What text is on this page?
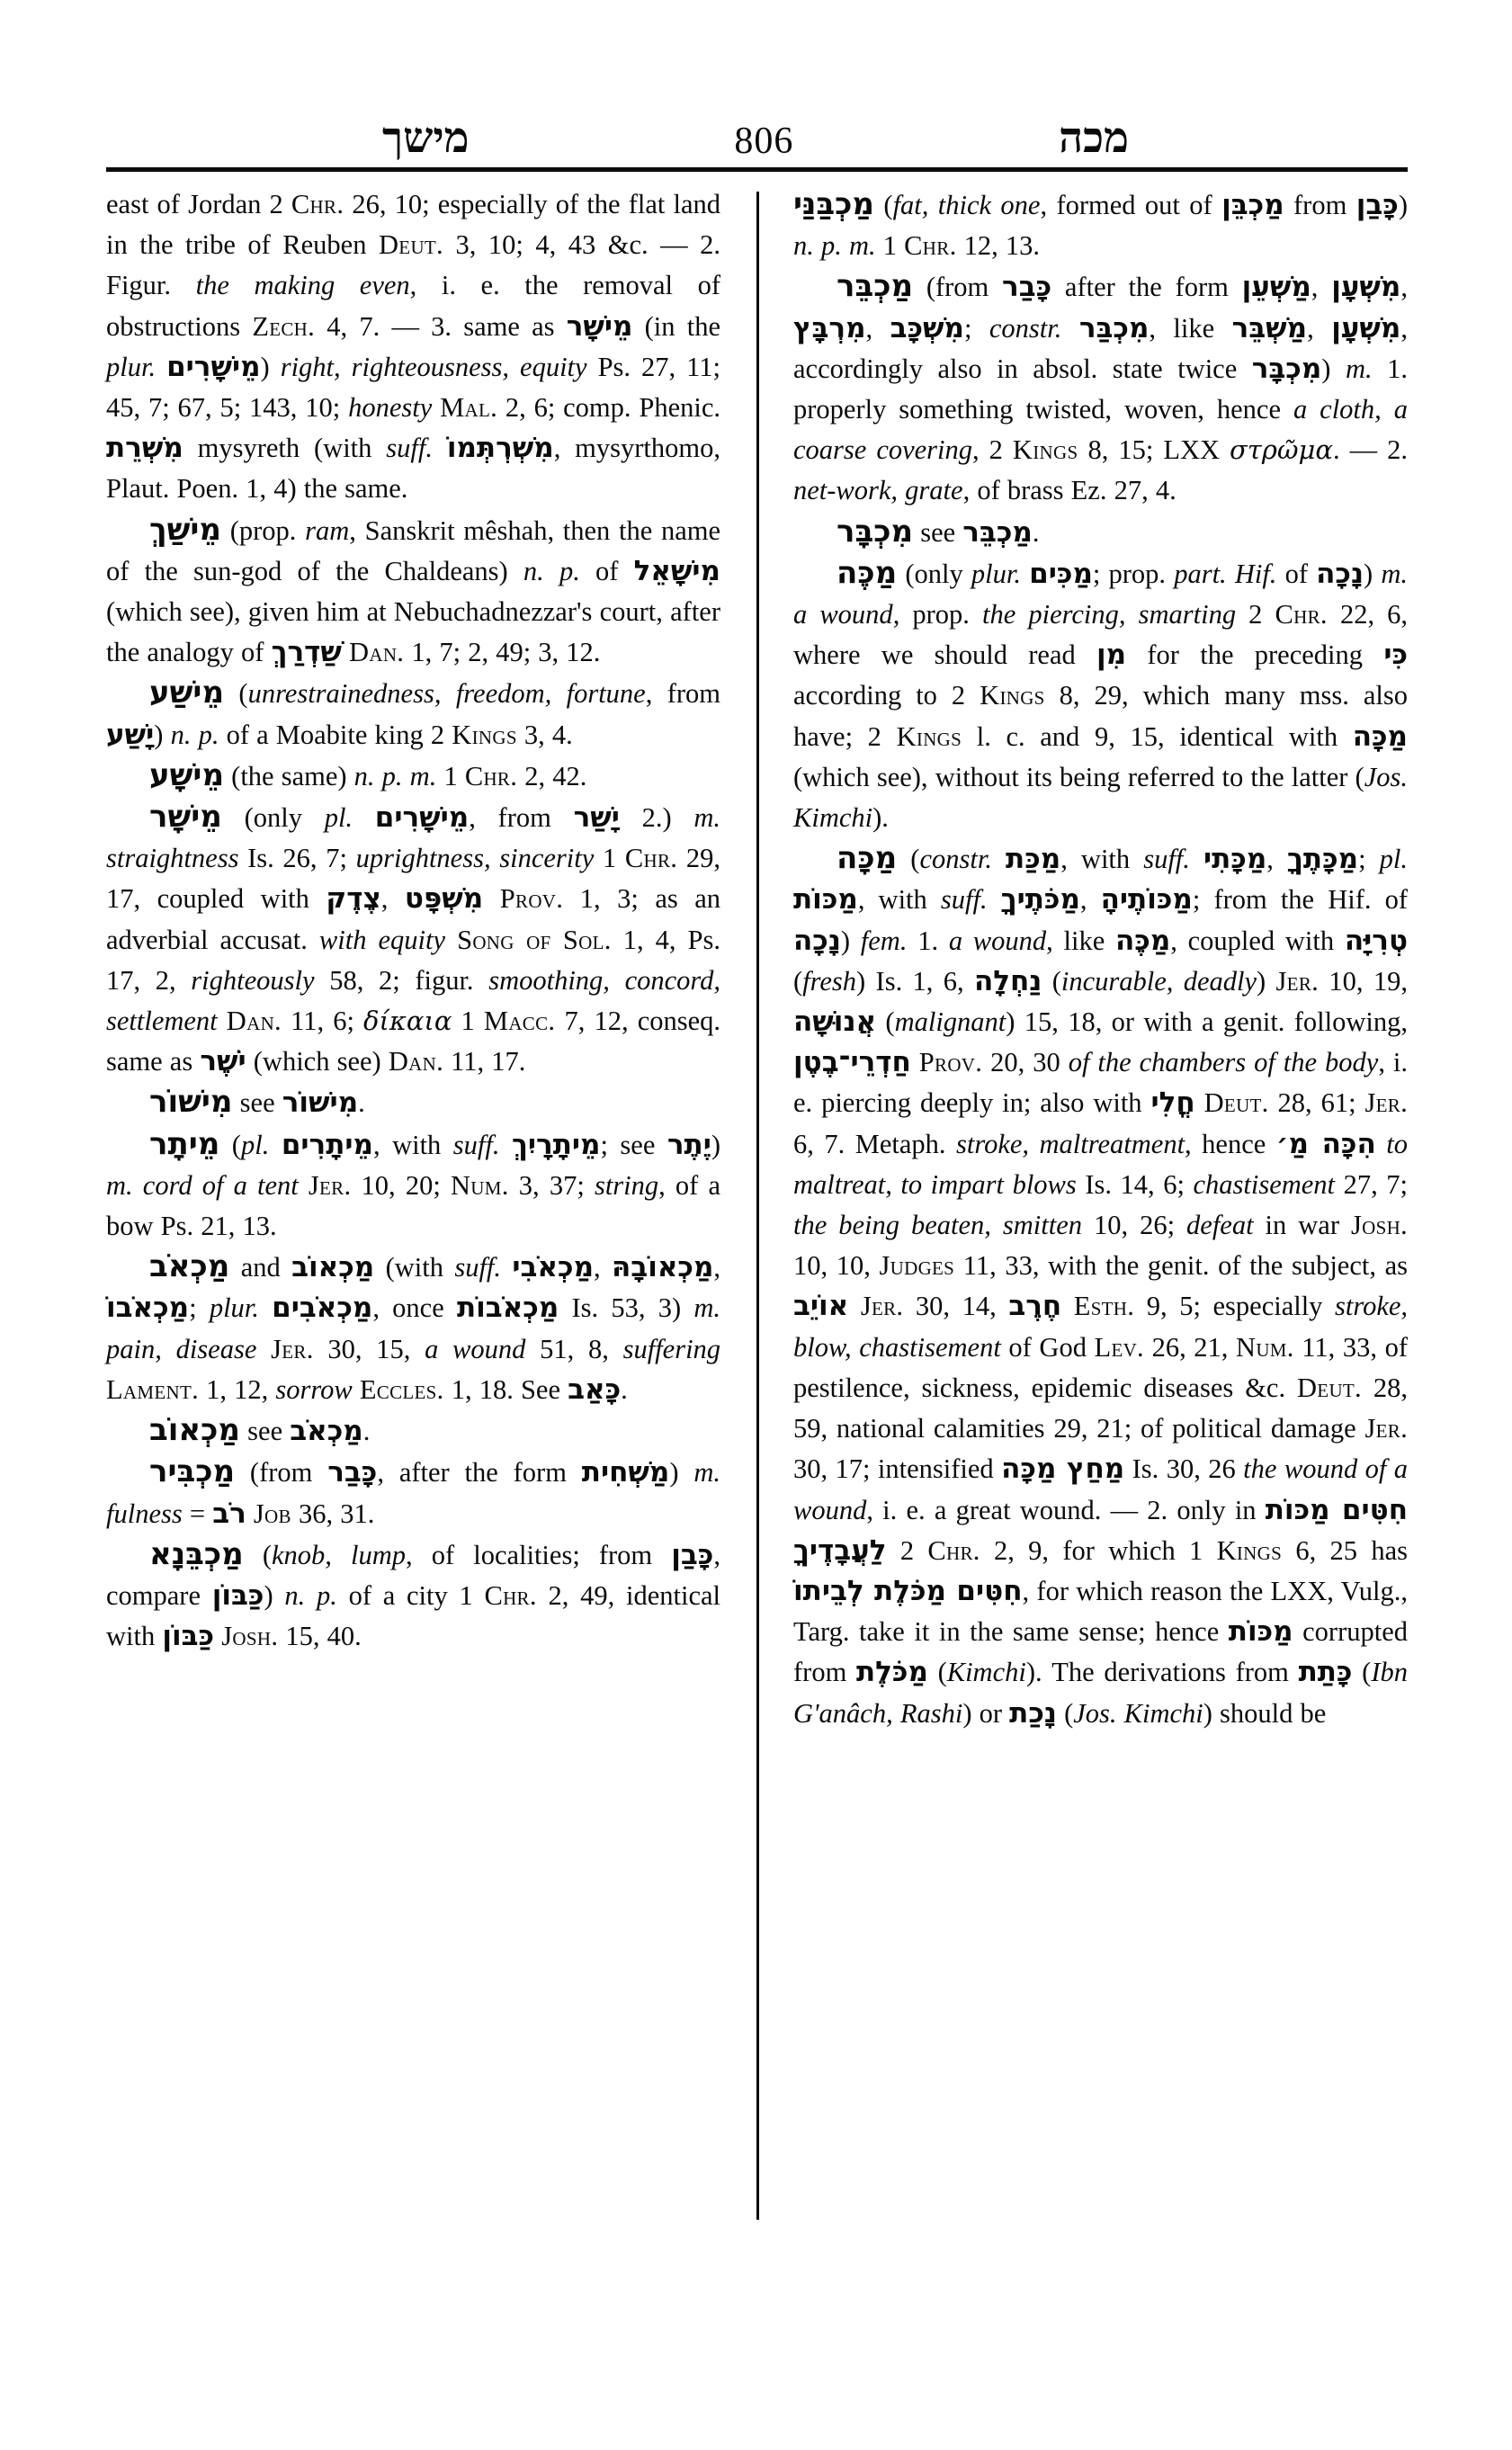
מישך	806	מכה

east of Jordan 2 Chr. 26, 10; especially of the flat land in the tribe of Reuben Deut. 3, 10; 4, 43 &c. — 2. Figur. the making even, i. e. the removal of obstructions Zech. 4, 7. — 3. same as מֵישָׁר (in the plur. מֵישָׁרִים) right, righteousness, equity Ps. 27, 11; 45, 7; 67, 5; 143, 10; honesty Mal. 2, 6; comp. Phenic. מִשְׁרֵת mysyreth (with suff. מִשְׁרְתְּמוֹ, mysyrthomo, Plaut. Poen. 1, 4) the same.

מֵישַׁךְ (prop. ram, Sanskrit mêshah, then the name of the sun-god of the Chaldeans) n. p. of מִישָׁאֵל (which see), given him at Nebuchadnezzar's court, after the analogy of שַׁדְרַךְ Dan. 1, 7; 2, 49; 3, 12.

מֵישַׁע (unrestrainedness, freedom, fortune, from יָשַׁע) n. p. of a Moabite king 2 Kings 3, 4.

מֵישָׁע (the same) n. p. m. 1 Chr. 2, 42.

מֵישָׁר (only pl. מֵישָׁרִים, from יָשַׁר 2.) m. straightness Is. 26, 7; uprightness, sincerity 1 Chr. 29, 17, coupled with צֶדֶק, מִשְׁפָּט Prov. 1, 3; as an adverbial accusat. with equity Song of Sol. 1, 4, Ps. 17, 2, righteously 58, 2; figur. smoothing, concord, settlement Dan. 11, 6; δίκαια 1 Macc. 7, 12, conseq. same as יֹשֶׁר (which see) Dan. 11, 17.

מִישׁוֹר see מִישׁוֹר.

מֵיתָר (pl. מֵיתָרִים, with suff. מֵיתָרָיִךְ; see יֶתֶר) m. cord of a tent Jer. 10, 20; Num. 3, 37; string, of a bow Ps. 21, 13.

מַכְאֹב and מַכְאוֹב (with suff. מַכְאֹבִי, מַכְאוֹבָהּ, מַכְאֹבוֹ; plur. מַכְאֹבִים, once מַכְאֹבוֹת Is. 53, 3) m. pain, disease Jer. 30, 15, a wound 51, 8, suffering Lament. 1, 12, sorrow Eccles. 1, 18. See כָּאַב.

מַכְאוֹב see מַכְאֹב.

מַכְבִּיר (from כָּבַר, after the form מַשְׁחִית) m. fulness = רֹב Job 36, 31.

מַכְבֵּנָא (knob, lump, of localities; from כָּבַן, compare כַּבּוֹן) n. p. of a city 1 Chr. 2, 49, identical with כַּבּוֹן Josh. 15, 40.

מַכְבַּנַּי (fat, thick one, formed out of מַכְבֵּן from כָּבַן) n. p. m. 1 Chr. 12, 13.

מַכְבֵּר (from כָּבַר after the form מַשְׁעֵן, מִשְׁעָן, מִרְבָּץ, מִשְׁכָּב; constr. מִכְבַּר, like מַשְׁבֵּר, מִשְׁעָן, accordingly also in absol. state twice מִכְבָּר) m. 1. properly something twisted, woven, hence a cloth, a coarse covering, 2 Kings 8, 15; LXX στρῶμα. — 2. net-work, grate, of brass Ez. 27, 4.

מִכְבָּר see מַכְבֵּר.

מַכֶּה (only plur. מַכִּים; prop. part. Hif. of נָכָה) m. a wound, prop. the piercing, smarting 2 Chr. 22, 6, where we should read מִן for the preceding כִּי according to 2 Kings 8, 29, which many mss. also have; 2 Kings l. c. and 9, 15, identical with מַכָּה (which see), without its being referred to the latter (Jos. Kimchi).

מַכָּה (constr. מַכַּת, with suff. מַכָּתִי, מַכָּתֶךָ; pl. מַכּוֹת, with suff. מַכֹּתֶיךָ, מַכּוֹתֶיהָ; from the Hif. of נָכָה) fem. 1. a wound, like מַכֶּה, coupled with טְרִיָּה (fresh) Is. 1, 6, נַחְלָה (incurable, deadly) Jer. 10, 19, אֲנוּשָׁה (malignant) 15, 18, or with a genit. following, חַדְרֵי־בֶטֶן Prov. 20, 30 of the chambers of the body, i. e. piercing deeply in; also with חֳלִי Deut. 28, 61; Jer. 6, 7. Metaph. stroke, maltreatment, hence הִכָּה מַ׳ to maltreat, to impart blows Is. 14, 6; chastisement 27, 7; the being beaten, smitten 10, 26; defeat in war Josh. 10, 10, Judges 11, 33, with the genit. of the subject, as אוֹיֵב Jer. 30, 14, חֶרֶב Esth. 9, 5; especially stroke, blow, chastisement of God Lev. 26, 21, Num. 11, 33, of pestilence, sickness, epidemic diseases &c. Deut. 28, 59, national calamities 29, 21; of political damage Jer. 30, 17; intensified מַחַץ מַכָּה Is. 30, 26 the wound of a wound, i. e. a great wound. — 2. only in חִטִּים מַכּוֹת לַעֲבָדֶיךָ 2 Chr. 2, 9, for which 1 Kings 6, 25 has חִטִּים מַכֹּלֶת לְבֵיתוֹ, for which reason the LXX, Vulg., Targ. take it in the same sense; hence מַכּוֹת corrupted from מַכֹּלֶת (Kimchi). The derivations from כָּתַת (Ibn G'anâch, Rashi) or נָכַת (Jos. Kimchi) should be
